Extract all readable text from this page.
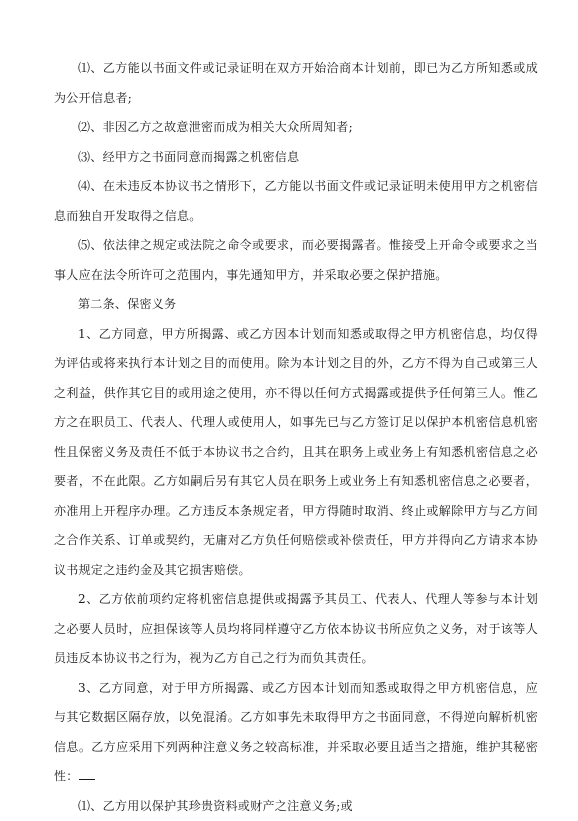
⑴、乙方能以书面文件或记录证明在双方开始洽商本计划前，即已为乙方所知悉或成为公开信息者;

⑵、非因乙方之故意泄密而成为相关大众所周知者;

⑶、经甲方之书面同意而揭露之机密信息

⑷、在未违反本协议书之情形下，乙方能以书面文件或记录证明未使用甲方之机密信息而独自开发取得之信息。

⑸、依法律之规定或法院之命令或要求，而必要揭露者。惟接受上开命令或要求之当事人应在法令所许可之范围内，事先通知甲方，并采取必要之保护措施。

第二条、保密义务

1、乙方同意，甲方所揭露、或乙方因本计划而知悉或取得之甲方机密信息，均仅得为评估或将来执行本计划之目的而使用。除为本计划之目的外，乙方不得为自己或第三人之利益，供作其它目的或用途之使用，亦不得以任何方式揭露或提供予任何第三人。惟乙方之在职员工、代表人、代理人或使用人，如事先已与乙方签订足以保护本机密信息机密性且保密义务及责任不低于本协议书之合约，且其在职务上或业务上有知悉机密信息之必要者，不在此限。乙方如嗣后另有其它人员在职务上或业务上有知悉机密信息之必要者，亦准用上开程序办理。乙方违反本条规定者，甲方得随时取消、终止或解除甲方与乙方间之合作关系、订单或契约，无庸对乙方负任何赔偿或补偿责任，甲方并得向乙方请求本协议书规定之违约金及其它损害赔偿。

2、乙方依前项约定将机密信息提供或揭露予其员工、代表人、代理人等参与本计划之必要人员时，应担保该等人员均将同样遵守乙方依本协议书所应负之义务，对于该等人员违反本协议书之行为，视为乙方自己之行为而负其责任。

3、乙方同意，对于甲方所揭露、或乙方因本计划而知悉或取得之甲方机密信息，应与其它数据区隔存放，以免混淆。乙方如事先未取得甲方之书面同意，不得逆向解析机密信息。乙方应采用下列两种注意义务之较高标准，并采取必要且适当之措施，维护其秘密性：

⑴、乙方用以保护其珍贵资料或财产之注意义务;或
